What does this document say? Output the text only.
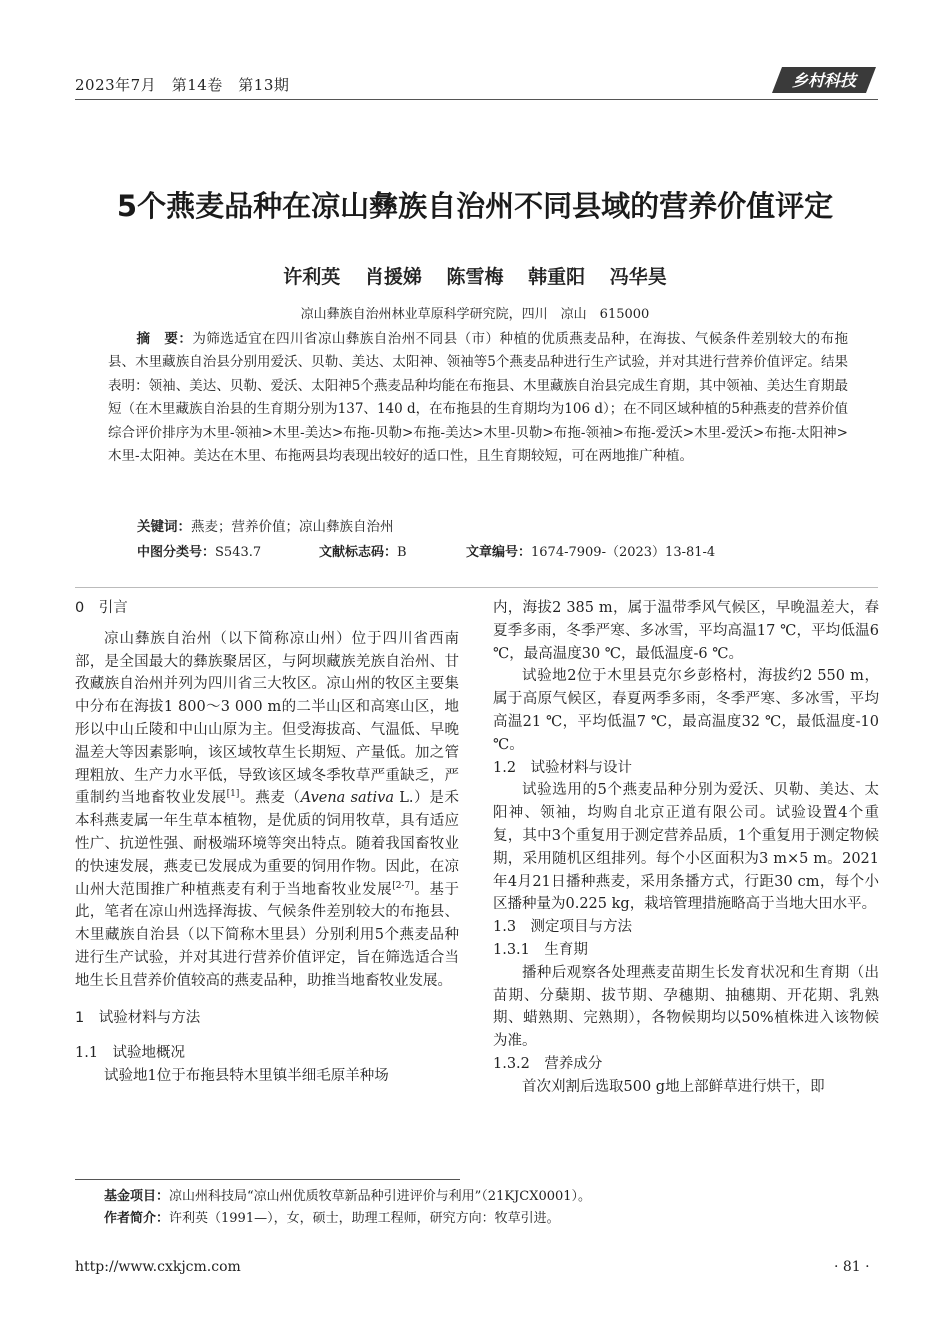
2023年7月　第14卷　第13期	乡村科技
5个燕麦品种在凉山彝族自治州不同县域的营养价值评定
许利英 肖援娣 陈雪梅 韩重阳 冯华昊
凉山彝族自治州林业草原科学研究院，四川　凉山　615000
摘　要：为筛选适宜在四川省凉山彝族自治州不同县（市）种植的优质燕麦品种，在海拔、气候条件差别较大的布拖县、木里藏族自治县分别用爱沃、贝勒、美达、太阳神、领袖等5个燕麦品种进行生产试验，并对其进行营养价值评定。结果表明：领袖、美达、贝勒、爱沃、太阳神5个燕麦品种均能在布拖县、木里藏族自治县完成生育期，其中领袖、美达生育期最短（在木里藏族自治县的生育期分别为137、140 d，在布拖县的生育期均为106 d）；在不同区域种植的5种燕麦的营养价值综合评价排序为木里-领袖>木里-美达>布拖-贝勒>布拖-美达>木里-贝勒>布拖-领袖>布拖-爱沃>木里-爱沃>布拖-太阳神>木里-太阳神。美达在木里、布拖两县均表现出较好的适口性，且生育期较短，可在两地推广种植。
关键词：燕麦；营养价值；凉山彝族自治州
中图分类号：S543.7	文献标志码：B	文章编号：1674-7909-（2023）13-81-4
0　引言

凉山彝族自治州（以下简称凉山州）位于四川省西南部，是全国最大的彝族聚居区，与阿坝藏族羌族自治州、甘孜藏族自治州并列为四川省三大牧区。凉山州的牧区主要集中分布在海拔1 800～3 000 m的二半山区和高寒山区，地形以中山丘陵和中山山原为主。但受海拔高、气温低、早晚温差大等因素影响，该区域牧草生长期短、产量低。加之管理粗放、生产力水平低，导致该区域冬季牧草严重缺乏，严重制约当地畜牧业发展[1]。燕麦（Avena sativa L.）是禾本科燕麦属一年生草本植物，是优质的饲用牧草，具有适应性广、抗逆性强、耐极端环境等突出特点。随着我国畜牧业的快速发展，燕麦已发展成为重要的饲用作物。因此，在凉山州大范围推广种植燕麦有利于当地畜牧业发展[2-7]。基于此，笔者在凉山州选择海拔、气候条件差别较大的布拖县、木里藏族自治县（以下简称木里县）分别利用5个燕麦品种进行生产试验，并对其进行营养价值评定，旨在筛选适合当地生长且营养价值较高的燕麦品种，助推当地畜牧业发展。

1　试验材料与方法
1.1　试验地概况

试验地1位于布拖县特木里镇半细毛原羊种场

内，海拔2 385 m，属于温带季风气候区，早晚温差大，春夏季多雨，冬季严寒、多冰雪，平均高温17 ℃，平均低温6 ℃，最高温度30 ℃，最低温度-6 ℃。

试验地2位于木里县克尔乡彭格村，海拔约2 550 m，属于高原气候区，春夏两季多雨，冬季严寒、多冰雪，平均高温21 ℃，平均低温7 ℃，最高温度32 ℃，最低温度-10 ℃。

1.2　试验材料与设计

试验选用的5个燕麦品种分别为爱沃、贝勒、美达、太阳神、领袖，均购自北京正道有限公司。试验设置4个重复，其中3个重复用于测定营养品质，1个重复用于测定物候期，采用随机区组排列。每个小区面积为3 m×5 m。2021年4月21日播种燕麦，采用条播方式，行距30 cm，每个小区播种量为0.225 kg，栽培管理措施略高于当地大田水平。

1.3　测定项目与方法
1.3.1　生育期

播种后观察各处理燕麦苗期生长发育状况和生育期（出苗期、分蘖期、拔节期、孕穗期、抽穗期、开花期、乳熟期、蜡熟期、完熟期），各物候期均以50%植株进入该物候为准。

1.3.2　营养成分

首次刈割后选取500 g地上部鲜草进行烘干，即

基金项目：凉山州科技局“凉山州优质牧草新品种引进评价与利用”（21KJCX0001）。
作者简介：许利英（1991—），女，硕士，助理工程师，研究方向：牧草引进。
http://www.cxkjcm.com	· 81 ·
